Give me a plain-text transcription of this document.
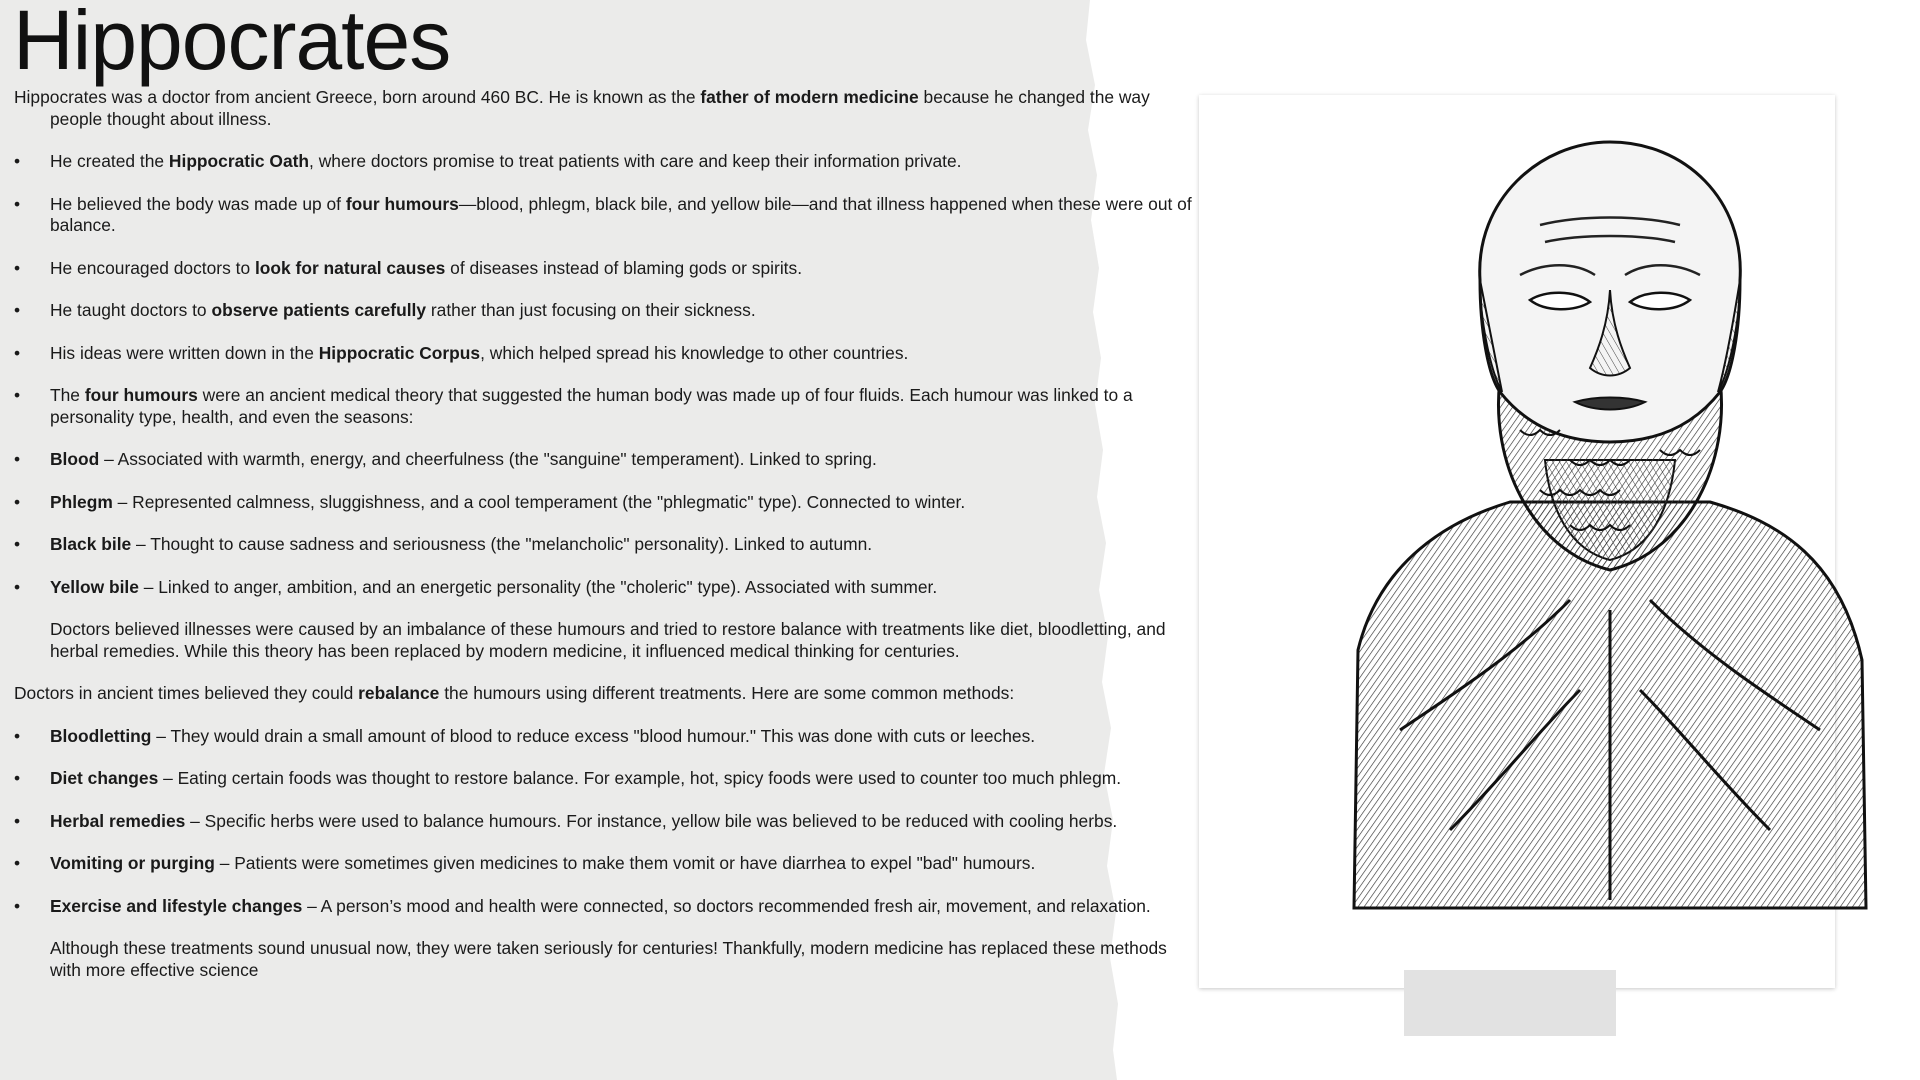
Hippocrates

Hippocrates was a doctor from ancient Greece, born around 460 BC. He is known as the father of modern medicine because he changed the way people thought about illness.

• He created the Hippocratic Oath, where doctors promise to treat patients with care and keep their information private.

• He believed the body was made up of four humours—blood, phlegm, black bile, and yellow bile—and that illness happened when these were out of balance.

• He encouraged doctors to look for natural causes of diseases instead of blaming gods or spirits.

• He taught doctors to observe patients carefully rather than just focusing on their sickness.

• His ideas were written down in the Hippocratic Corpus, which helped spread his knowledge to other countries.

• The four humours were an ancient medical theory that suggested the human body was made up of four fluids. Each humour was linked to a personality type, health, and even the seasons:

• Blood – Associated with warmth, energy, and cheerfulness (the "sanguine" temperament). Linked to spring.

• Phlegm – Represented calmness, sluggishness, and a cool temperament (the "phlegmatic" type). Connected to winter.

• Black bile – Thought to cause sadness and seriousness (the "melancholic" personality). Linked to autumn.

• Yellow bile – Linked to anger, ambition, and an energetic personality (the "choleric" type). Associated with summer.

Doctors believed illnesses were caused by an imbalance of these humours and tried to restore balance with treatments like diet, bloodletting, and herbal remedies. While this theory has been replaced by modern medicine, it influenced medical thinking for centuries.

Doctors in ancient times believed they could rebalance the humours using different treatments. Here are some common methods:

• Bloodletting – They would drain a small amount of blood to reduce excess "blood humour." This was done with cuts or leeches.

• Diet changes – Eating certain foods was thought to restore balance. For example, hot, spicy foods were used to counter too much phlegm.

• Herbal remedies – Specific herbs were used to balance humours. For instance, yellow bile was believed to be reduced with cooling herbs.

• Vomiting or purging – Patients were sometimes given medicines to make them vomit or have diarrhea to expel "bad" humours.

• Exercise and lifestyle changes – A person’s mood and health were connected, so doctors recommended fresh air, movement, and relaxation.

Although these treatments sound unusual now, they were taken seriously for centuries! Thankfully, modern medicine has replaced these methods with more effective science
